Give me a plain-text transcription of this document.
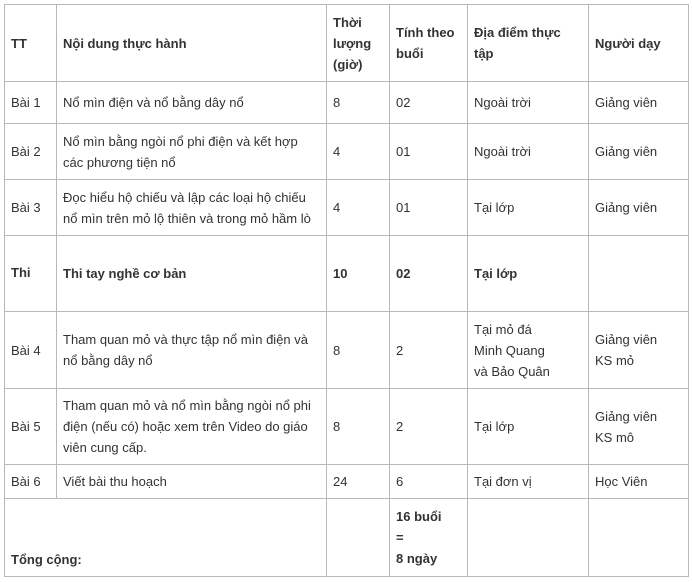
TT	Nội dung thực hành	Thời
lượng
(giờ)	Tính theo
buổi	Địa điểm thực tập	Người dạy
Bài 1	Nổ mìn điện và nổ bằng dây nổ	8	02	Ngoài trời	Giảng viên
Bài 2	Nổ mìn bằng ngòi nổ phi điện và kết hợp
các phương tiện nổ	4	01	Ngoài trời	Giảng viên
Bài 3	Đọc hiểu hộ chiếu và lập các loại hộ chiếu
nổ mìn trên mỏ lộ thiên và trong mỏ hầm lò	4	01	Tại lớp	Giảng viên
Thi	Thi tay nghề cơ bản	10	02	Tại lớp	
Bài 4	Tham quan mỏ và thực tập nổ mìn điện và
nổ bằng dây nổ	8	2	Tại mỏ đá
Minh Quang
và Bảo Quân	Giảng viên
KS mỏ
Bài 5	Tham quan mỏ và nổ mìn bằng ngòi nổ phi
điện (nếu có) hoặc xem trên Video do giáo
viên cung cấp.	8	2	Tại lớp	Giảng viên
KS mô
Bài 6	Viết bài thu hoạch	24	6	Tại đơn vị	Học Viên
Tổng cộng:			16 buổi
=
8 ngày		
